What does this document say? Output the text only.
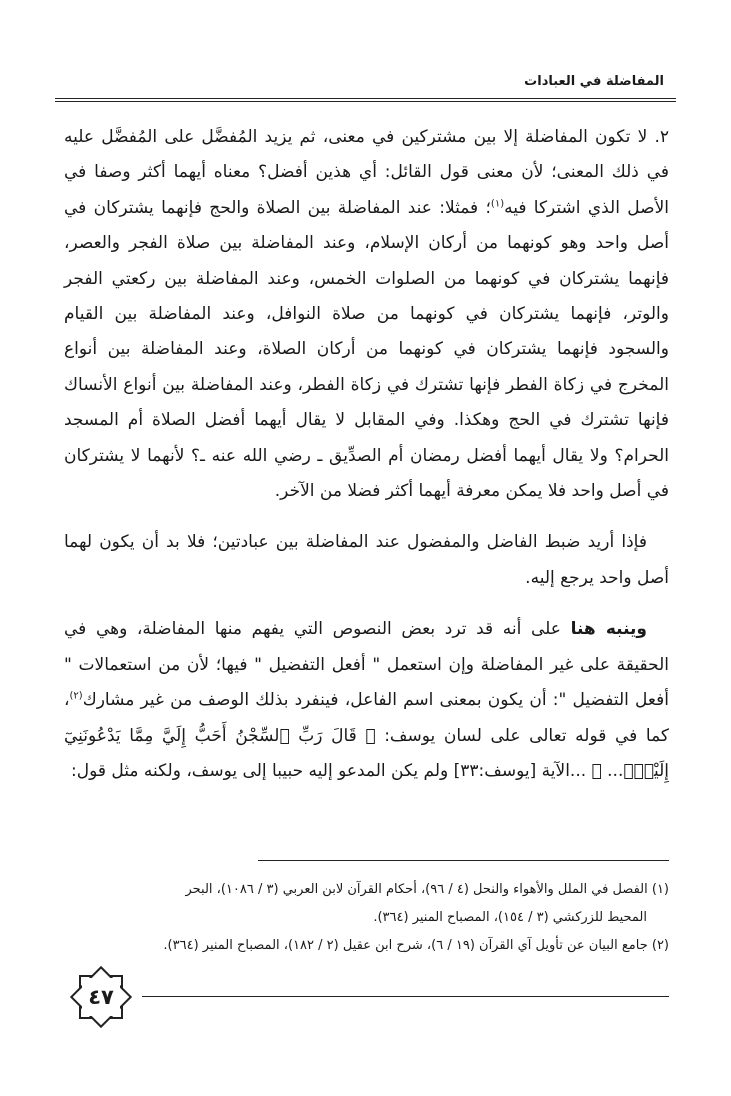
المفاضلة في العبادات

٢. لا تكون المفاضلة إلا بين مشتركين في معنى، ثم يزيد المُفضَّل على المُفضَّل عليه في ذلك المعنى؛ لأن معنى قول القائل: أي هذين أفضل؟ معناه أيهما أكثر وصفا في الأصل الذي اشتركا فيه$^{(١)}$؛ فمثلا: عند المفاضلة بين الصلاة والحج فإنهما يشتركان في أصل واحد وهو كونهما من أركان الإسلام، وعند المفاضلة بين صلاة الفجر والعصر، فإنهما يشتركان في كونهما من الصلوات الخمس، وعند المفاضلة بين ركعتي الفجر والوتر، فإنهما يشتركان في كونهما من صلاة النوافل، وعند المفاضلة بين القيام والسجود فإنهما يشتركان في كونهما من أركان الصلاة، وعند المفاضلة بين أنواع المخرج في زكاة الفطر فإنها تشترك في زكاة الفطر، وعند المفاضلة بين أنواع الأنساك فإنها تشترك في الحج وهكذا. وفي المقابل لا يقال أيهما أفضل الصلاة أم المسجد الحرام؟ ولا يقال أيهما أفضل رمضان أم الصدِّيق ـ رضي الله عنه ـ؟ لأنهما لا يشتركان في أصل واحد فلا يمكن معرفة أيهما أكثر فضلا من الآخر.

فإذا أريد ضبط الفاضل والمفضول عند المفاضلة بين عبادتين؛ فلا بد أن يكون لهما أصل واحد يرجع إليه.

وينبه هنا على أنه قد ترد بعض النصوص التي يفهم منها المفاضلة، وهي في الحقيقة على غير المفاضلة وإن استعمل " أفعل التفضيل " فيها؛ لأن من استعمالات " أفعل التفضيل ": أن يكون بمعنى اسم الفاعل، فينفرد بذلك الوصف من غير مشارك$^{(٢)}$، كما في قوله تعالى على لسان يوسف: ﴿ قَالَ رَبِّ ٱلسِّجْنُ أَحَبُّ إِلَيَّ مِمَّا يَدْعُونَنِيٓ إِلَيْهِۖ... ﴾ ...الآية [يوسف:٣٣] ولم يكن المدعو إليه حبيبا إلى يوسف، ولكنه مثل قول:

(١) الفصل في الملل والأهواء والنحل (٤ / ٩٦)، أحكام القرآن لابن العربي (٣ / ١٠٨٦)، البحر

المحيط للزركشي (٣ / ١٥٤)، المصباح المنير (٣٦٤).

(٢) جامع البيان عن تأويل آي القرآن (١٩ / ٦)، شرح ابن عقيل (٢ / ١٨٢)، المصباح المنير (٣٦٤).

٤٧
